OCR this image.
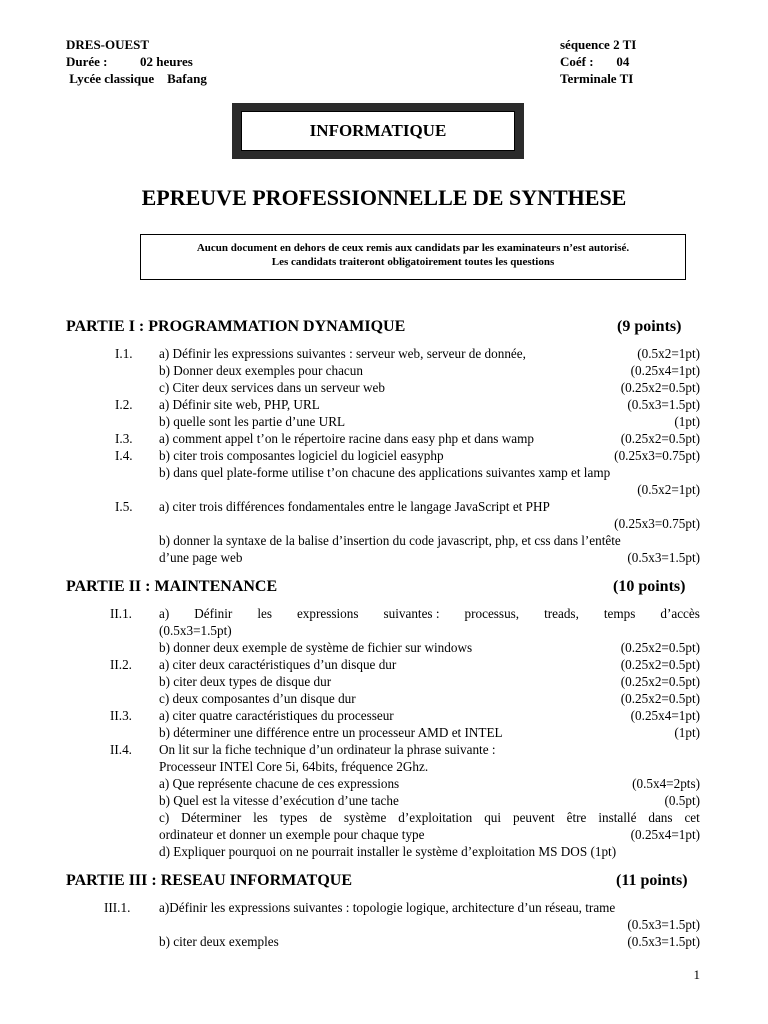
DRES-OUEST
Durée :          02 heures
Lycée classique    Bafang
séquence 2 TI
Coéf :       04
Terminale TI
INFORMATIQUE
EPREUVE PROFESSIONNELLE DE SYNTHESE
Aucun document en dehors de ceux remis aux candidats par les examinateurs n’est autorisé.
Les candidats traiteront obligatoirement toutes les questions
PARTIE I : PROGRAMMATION DYNAMIQUE	(9 points)
I.1. a) Définir les expressions suivantes : serveur web, serveur de donnée,	(0.5x2=1pt)
b) Donner deux exemples pour chacun	(0.25x4=1pt)
c) Citer deux services dans un serveur web	(0.25x2=0.5pt)
I.2. a) Définir site web, PHP, URL	(0.5x3=1.5pt)
b) quelle sont les partie d’une URL	(1pt)
I.3. a) comment appel t’on le répertoire racine dans easy php et dans wamp	(0.25x2=0.5pt)
I.4. b) citer trois composantes logiciel du logiciel easyphp	(0.25x3=0.75pt)
b) dans quel plate-forme utilise t’on chacune des applications suivantes xamp et lamp
(0.5x2=1pt)
I.5. a) citer trois différences fondamentales entre le langage JavaScript et PHP
(0.25x3=0.75pt)
b) donner la syntaxe de la balise d’insertion du code javascript, php, et css dans l’entête
d’une page web	(0.5x3=1.5pt)
PARTIE II : MAINTENANCE	(10 points)
II.1. a) Définir les expressions suivantes : processus, treads, temps d’accès
(0.5x3=1.5pt)
b) donner deux exemple de système de fichier sur windows	(0.25x2=0.5pt)
II.2. a) citer deux caractéristiques d’un disque dur	(0.25x2=0.5pt)
b) citer deux types de disque dur	(0.25x2=0.5pt)
c) deux composantes d’un disque dur	(0.25x2=0.5pt)
II.3. a) citer quatre caractéristiques du processeur	(0.25x4=1pt)
b) déterminer une différence entre un processeur AMD et INTEL	(1pt)
II.4. On lit sur la fiche technique d’un ordinateur la phrase suivante :
Processeur INTEl Core 5i, 64bits, fréquence 2Ghz.
a) Que représente chacune de ces expressions	(0.5x4=2pts)
b) Quel est la vitesse d’exécution d’une tache	(0.5pt)
c) Déterminer les types de système d’exploitation qui peuvent être installé dans cet
ordinateur et donner un exemple pour chaque type	(0.25x4=1pt)
d) Expliquer pourquoi on ne pourrait installer le système d’exploitation MS DOS (1pt)
PARTIE III : RESEAU INFORMATQUE	(11 points)
III.1. a)Définir les expressions suivantes : topologie logique, architecture d’un réseau, trame
(0.5x3=1.5pt)
b) citer deux exemples	(0.5x3=1.5pt)
1
